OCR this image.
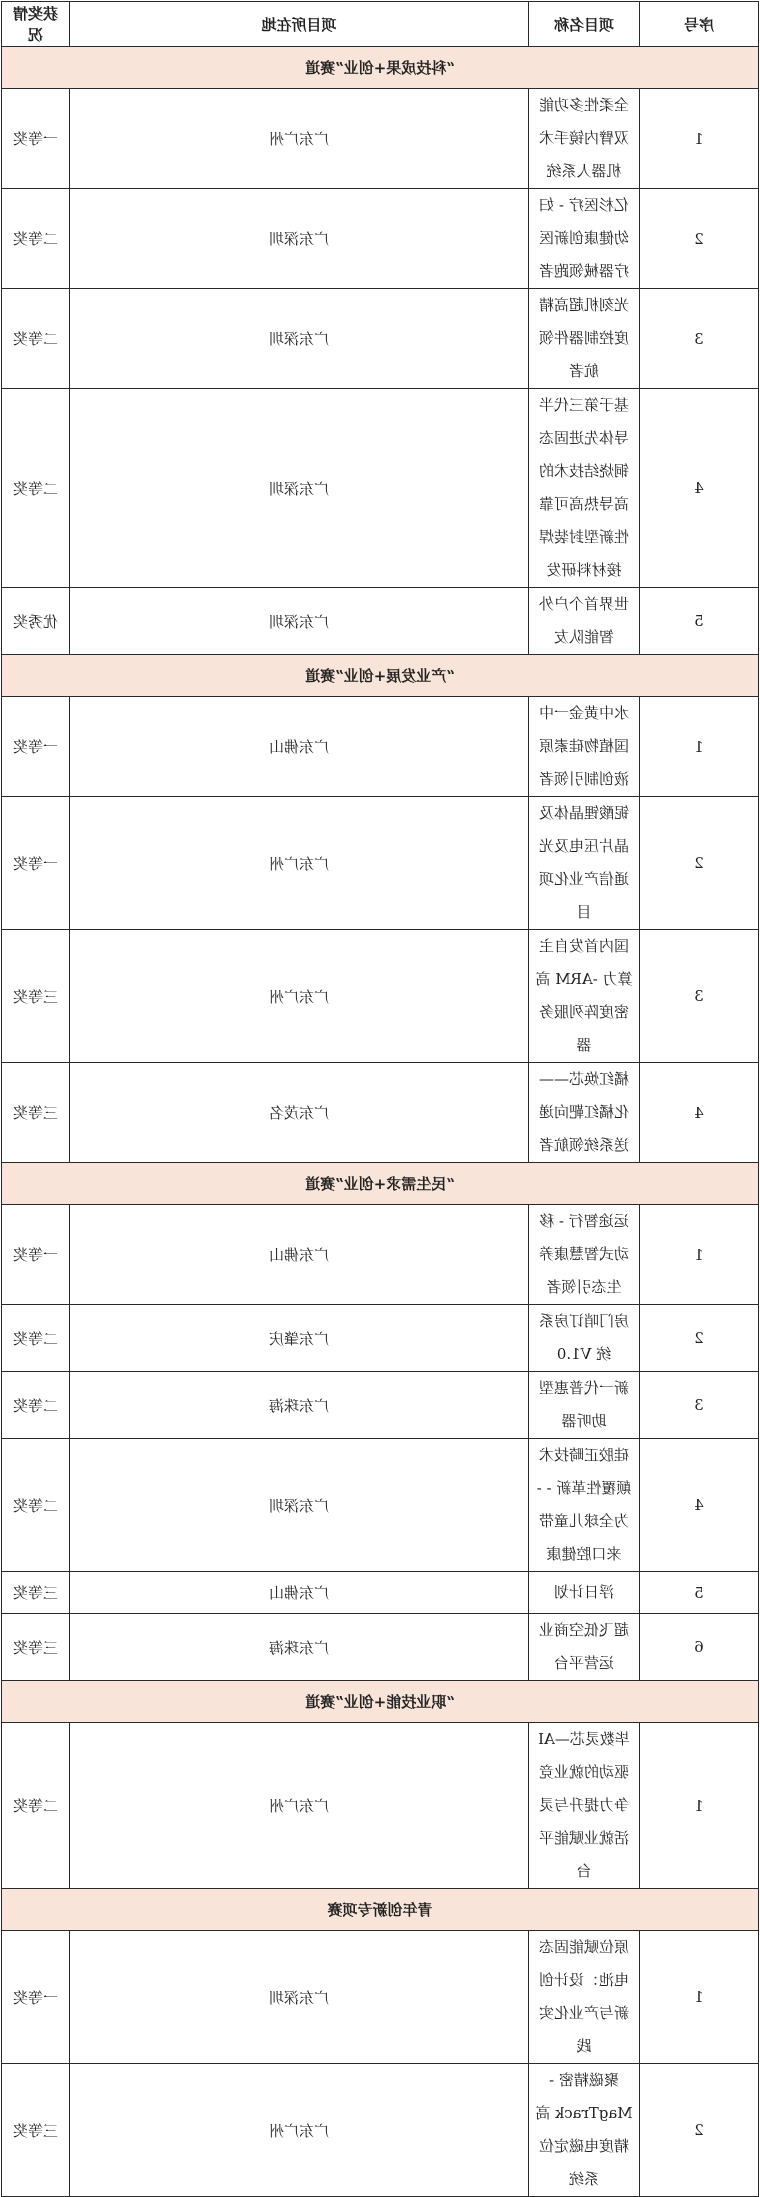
序号	项目名称	项目所在地	获奖情况
“科技成果+创业”赛道			
1	全柔性多功能双臂内镜手术机器人系统	广东广州	一等奖
2	亿杉医疗 - 妇幼健康创新医疗器械领跑者	广东深圳	二等奖
3	光刻机超高精度控制器件领航者	广东深圳	二等奖
4	基于第三代半导体先进固态铜烧结技术的
高导热高可靠性新型封装焊接材料研发	广东深圳	二等奖
5	世界首个户外智能队友	广东深圳	优秀奖
“产业发展+创业”赛道			
1	水中黄金一中国植物硅素原液创制引领者	广东佛山	一等奖
2	铌酸锂晶体及晶片压电及光通信产业化项目	广东广州	一等奖
3	国内首发自主算力 -ARM 高密度阵列服务器	广东广州	三等奖
4	橘红焕芯——化橘红靶向递送系统领航者	广东茂名	三等奖
“民生需求+创业”赛道			
1	运途智行 - 移动式智慧康养生态引领者	广东佛山	一等奖
2	房门哨订房系统 V1.0	广东肇庆	二等奖
3	新一代普惠型助听器	广东珠海	二等奖
4	硅胶正畸技术颠覆性革新 - - 为全球儿童带来口腔健康	广东深圳	二等奖
5	浮日计划	广东佛山	三等奖
6	超飞低空商业运营平台	广东珠海	三等奖
“职业技能+创业”赛道			
1	毕数灵芯—AI 驱动的就业竞争力提升与灵活就业赋能平台	广东广州	二等奖
青年创新专项赛			
1	原位赋能固态电池：设计创新与产业化实践	广东深圳	一等奖
2	聚磁精密 -MagTrack 高精度电磁定位系统	广东广州	三等奖
